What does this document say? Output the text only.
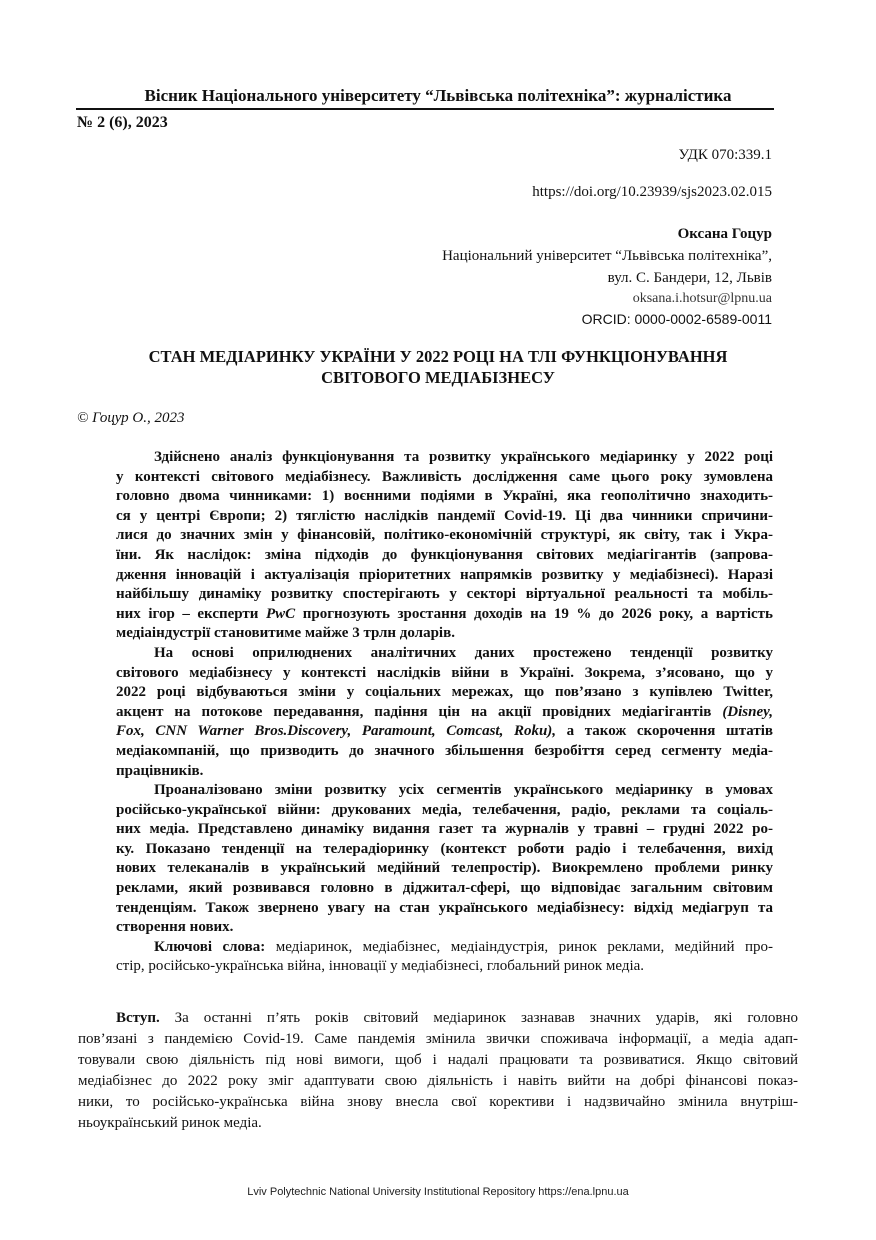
Вісник Національного університету “Львівська політехніка”: журналістика
№ 2 (6), 2023
УДК 070:339.1
https://doi.org/10.23939/sjs2023.02.015
Оксана Гоцур
Національний університет “Львівська політехніка”,
вул. С. Бандери, 12, Львів
oksana.i.hotsur@lpnu.ua
ORCID: 0000-0002-6589-0011
СТАН МЕДІАРИНКУ УКРАЇНИ У 2022 РОЦІ НА ТЛІ ФУНКЦІОНУВАННЯ
СВІТОВОГО МЕДІАБІЗНЕСУ
© Гоцур О., 2023
Здійснено аналіз функціонування та розвитку українського медіаринку у 2022 році
у контексті світового медіабізнесу. Важливість дослідження саме цього року зумовлена
головно двома чинниками: 1) воєнними подіями в Україні, яка геополітично знаходить-
ся у центрі Європи; 2) тяглістю наслідків пандемії Covid-19. Ці два чинники спричини-
лися до значних змін у фінансовій, політико-економічній структурі, як світу, так і Укра-
їни. Як наслідок: зміна підходів до функціонування світових медіагігантів (запрова-
дження інновацій і актуалізація пріоритетних напрямків розвитку у медіабізнесі). Наразі
найбільшу динаміку розвитку спостерігають у секторі віртуальної реальності та мобіль-
них ігор – експерти PwC прогнозують зростання доходів на 19 % до 2026 року, а вартість
медіаіндустрії становитиме майже 3 трлн доларів.
На основі оприлюднених аналітичних даних простежено тенденції розвитку
світового медіабізнесу у контексті наслідків війни в Україні. Зокрема, з’ясовано, що у
2022 році відбуваються зміни у соціальних мережах, що пов’язано з купівлею Twitter,
акцент на потокове передавання, падіння цін на акції провідних медіагігантів (Disney,
Fox, CNN Warner Bros.Discovery, Paramount, Comcast, Roku), а також скорочення штатів
медіакомпаній, що призводить до значного збільшення безробіття серед сегменту медіа-
працівників.
Проаналізовано зміни розвитку усіх сегментів українського медіаринку в умовах
російсько-української війни: друкованих медіа, телебачення, радіо, реклами та соціаль-
них медіа. Представлено динаміку видання газет та журналів у травні – грудні 2022 ро-
ку. Показано тенденції на телерадіоринку (контекст роботи радіо і телебачення, вихід
нових телеканалів в український медійний телепростір). Виокремлено проблеми ринку
реклами, який розвивався головно в діджитал-сфері, що відповідає загальним світовим
тенденціям. Також звернено увагу на стан українського медіабізнесу: відхід медіагруп та
створення нових.
Ключові слова: медіаринок, медіабізнес, медіаіндустрія, ринок реклами, медійний про-
стір, російсько-українська війна, інновації у медіабізнесі, глобальний ринок медіа.
Вступ. За останні п’ять років світовий медіаринок зазнавав значних ударів, які головно
пов’язані з пандемією Covid-19. Саме пандемія змінила звички споживача інформації, а медіа адап-
товували свою діяльність під нові вимоги, щоб і надалі працювати та розвиватися. Якщо світовий
медіабізнес до 2022 року зміг адаптувати свою діяльність і навіть вийти на добрі фінансові показ-
ники, то російсько-українська війна знову внесла свої корективи і надзвичайно змінила внутріш-
ньоукраїнський ринок медіа.
Lviv Polytechnic National University Institutional Repository https://ena.lpnu.ua
